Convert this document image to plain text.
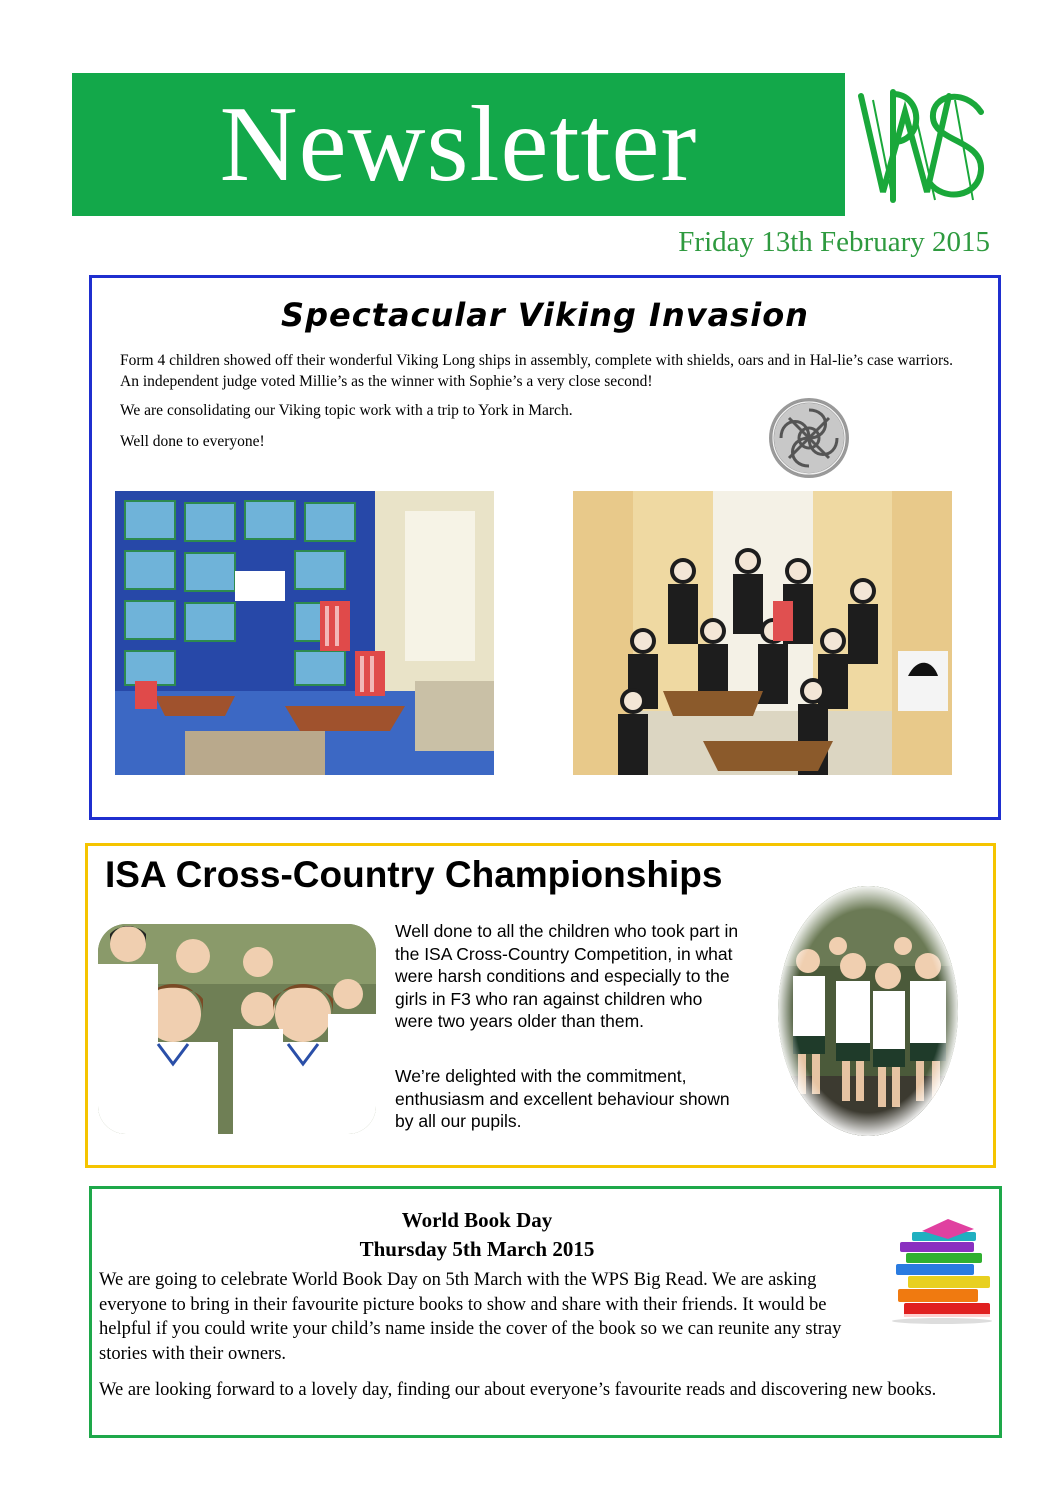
Newsletter
Friday 13th February 2015
Spectacular Viking Invasion
Form 4 children showed off their wonderful Viking Long ships in assembly, complete with shields, oars and in Hal-lie’s case warriors. An independent judge voted Millie’s as the winner with Sophie’s a very close second!
We are consolidating our Viking topic work with a trip to York in March.
Well done to everyone!
ISA Cross-Country Championships
Well done to all the children who took part in the ISA Cross-Country Competition, in what were harsh conditions and especially to the girls in F3 who ran against children who were two years older than them.
We’re delighted with the commitment, enthusiasm and excellent behaviour shown by all our pupils.
World Book Day
Thursday 5th March 2015
We are going to celebrate World Book Day on 5th March with the WPS Big Read. We are asking everyone to bring in their favourite picture books to show and share with their friends. It would be helpful if you could write your child’s name inside the cover of the book so we can reunite any stray stories with their owners.
We are looking forward to a lovely day, finding our about everyone’s favourite reads and discovering new books.
